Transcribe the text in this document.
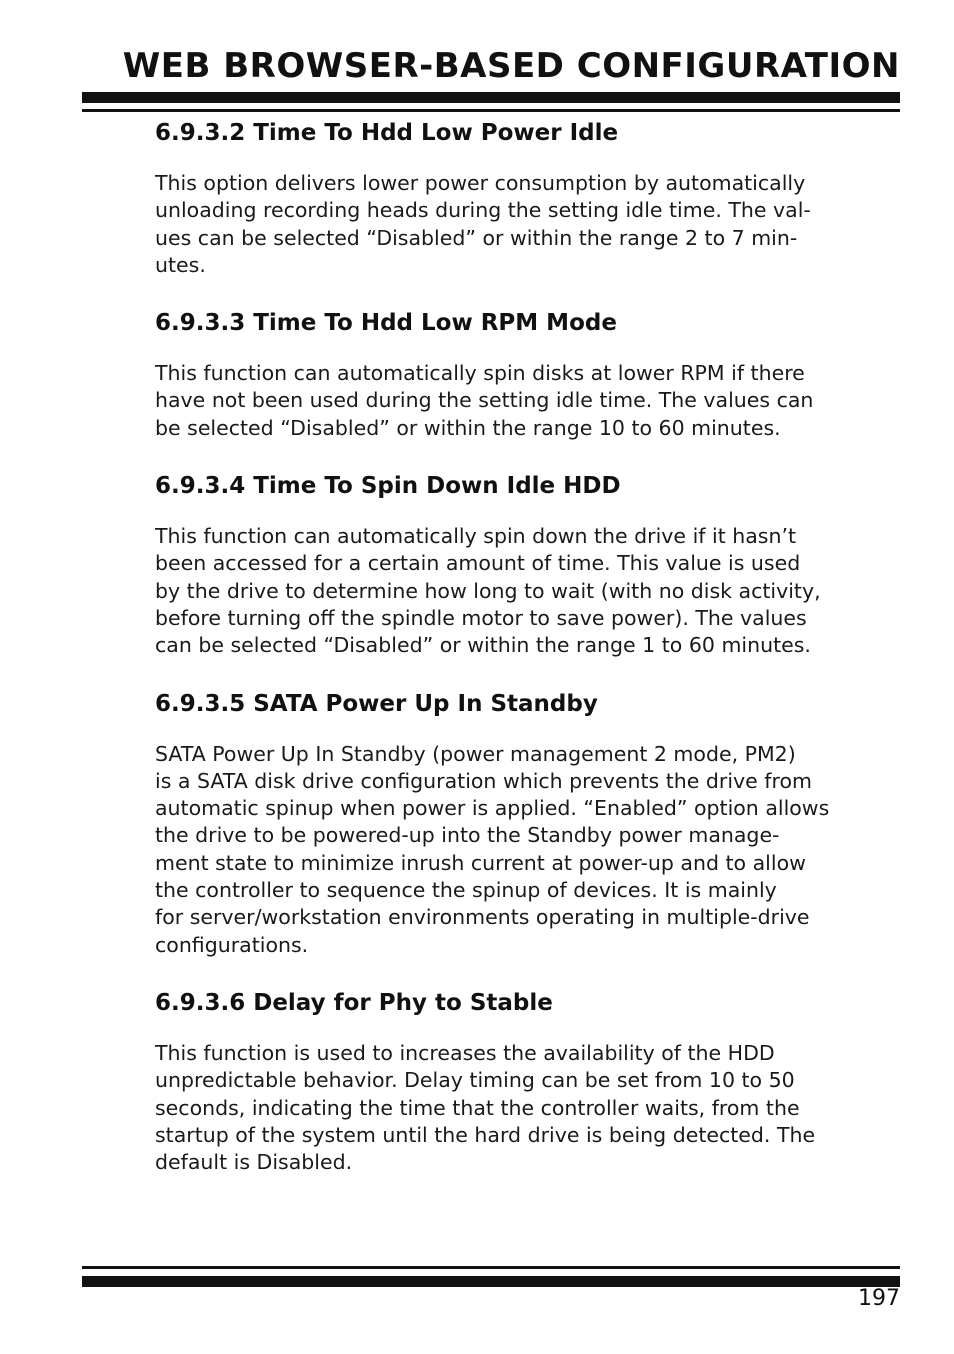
WEB BROWSER-BASED CONFIGURATION
6.9.3.2 Time To Hdd Low Power Idle

This option delivers lower power consumption by automatically
unloading recording heads during the setting idle time. The val-
ues can be selected “Disabled” or within the range 2 to 7 min-
utes.

6.9.3.3 Time To Hdd Low RPM Mode

This function can automatically spin disks at lower RPM if there
have not been used during the setting idle time. The values can
be selected “Disabled” or within the range 10 to 60 minutes.

6.9.3.4 Time To Spin Down Idle HDD

This function can automatically spin down the drive if it hasn’t
been accessed for a certain amount of time. This value is used
by the drive to determine how long to wait (with no disk activity,
before turning off the spindle motor to save power). The values
can be selected “Disabled” or within the range 1 to 60 minutes.

6.9.3.5 SATA Power Up In Standby

SATA Power Up In Standby (power management 2 mode, PM2)
is a SATA disk drive configuration which prevents the drive from
automatic spinup when power is applied. “Enabled” option allows
the drive to be powered-up into the Standby power manage-
ment state to minimize inrush current at power-up and to allow
the controller to sequence the spinup of devices. It is mainly
for server/workstation environments operating in multiple-drive
configurations.

6.9.3.6 Delay for Phy to Stable

This function is used to increases the availability of the HDD
unpredictable behavior. Delay timing can be set from 10 to 50
seconds, indicating the time that the controller waits, from the
startup of the system until the hard drive is being detected. The
default is Disabled.

197
